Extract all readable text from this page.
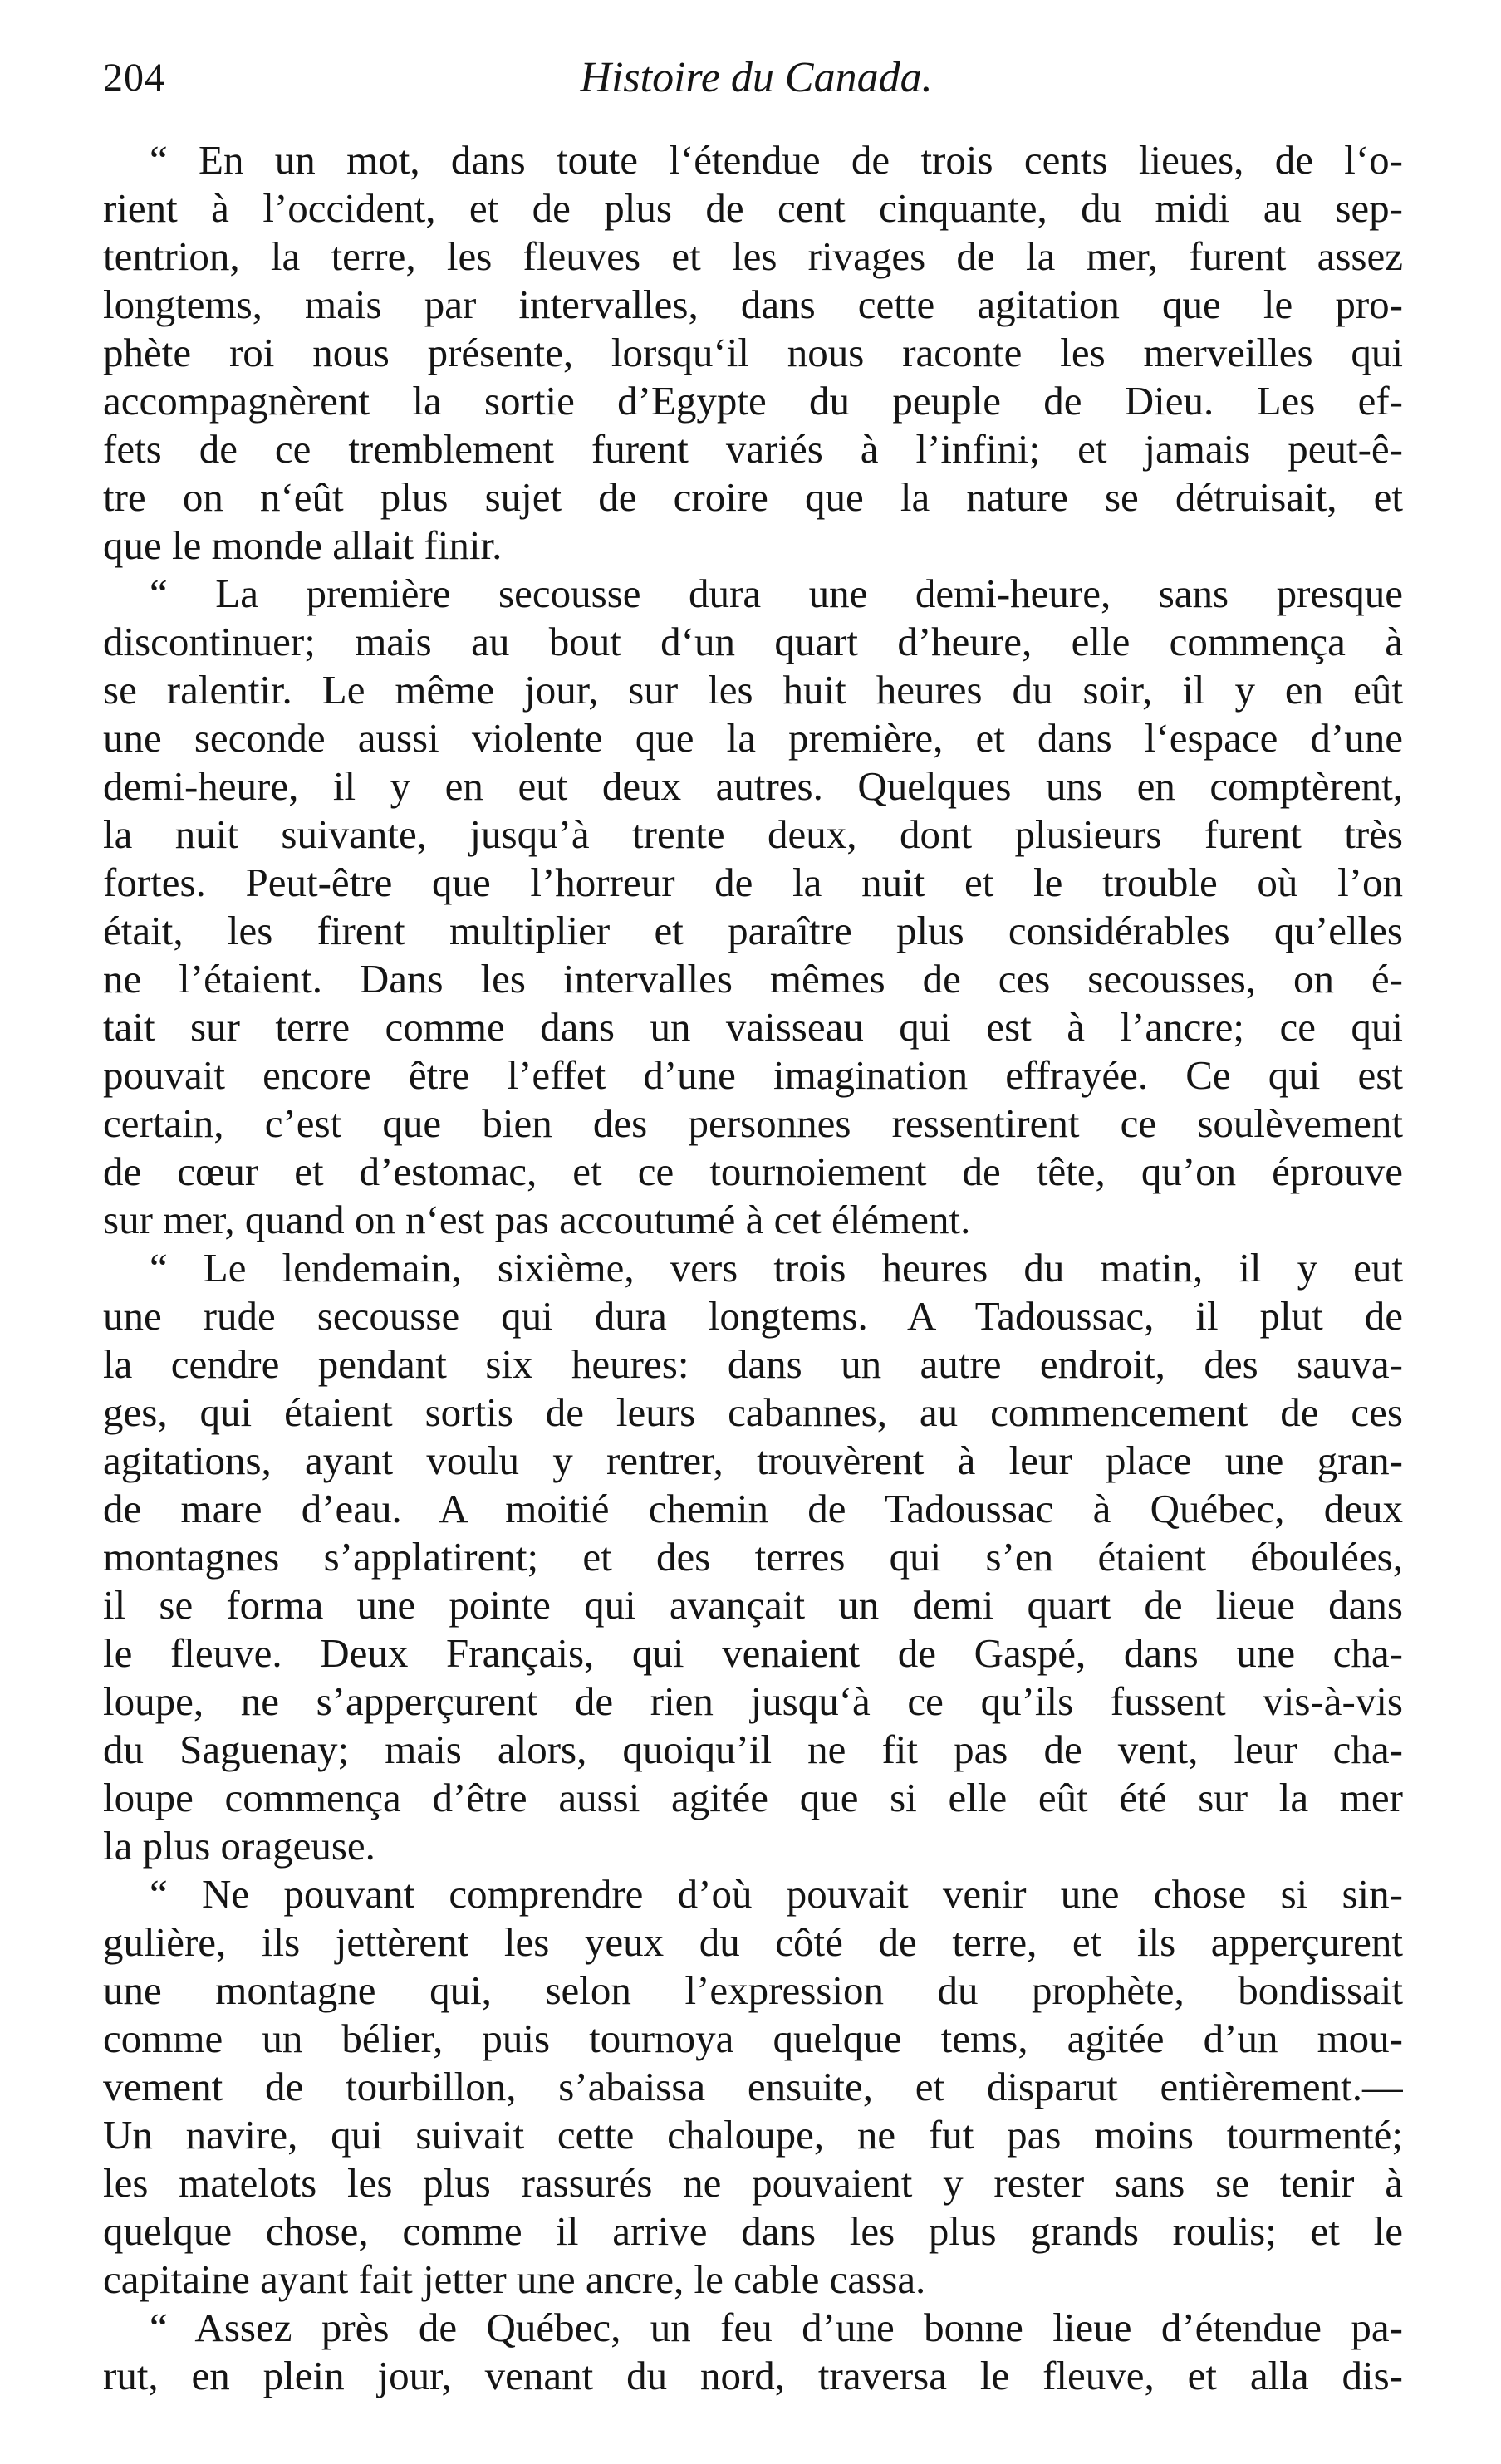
204	Histoire du Canada.
“ En un mot, dans toute l‘étendue de trois cents lieues, de l‘o-
rient à l’occident, et de plus de cent cinquante, du midi au sep-
tentrion, la terre, les fleuves et les rivages de la mer, furent assez
longtems, mais par intervalles, dans cette agitation que le pro-
phète roi nous présente, lorsqu‘il nous raconte les merveilles qui
accompagnèrent la sortie d’Egypte du peuple de Dieu. Les ef-
fets de ce tremblement furent variés à l’infini; et jamais peut-ê-
tre on n‘eût plus sujet de croire que la nature se détruisait, et
que le monde allait finir.
“ La première secousse dura une demi-heure, sans presque
discontinuer; mais au bout d‘un quart d’heure, elle commença à
se ralentir. Le même jour, sur les huit heures du soir, il y en eût
une seconde aussi violente que la première, et dans l‘espace d’une
demi-heure, il y en eut deux autres. Quelques uns en comptèrent,
la nuit suivante, jusqu’à trente deux, dont plusieurs furent très
fortes. Peut-être que l’horreur de la nuit et le trouble où l’on
était, les firent multiplier et paraître plus considérables qu’elles
ne l’étaient. Dans les intervalles mêmes de ces secousses, on é-
tait sur terre comme dans un vaisseau qui est à l’ancre; ce qui
pouvait encore être l’effet d’une imagination effrayée. Ce qui est
certain, c’est que bien des personnes ressentirent ce soulèvement
de cœur et d’estomac, et ce tournoiement de tête, qu’on éprouve
sur mer, quand on n‘est pas accoutumé à cet élément.
“ Le lendemain, sixième, vers trois heures du matin, il y eut
une rude secousse qui dura longtems. A Tadoussac, il plut de
la cendre pendant six heures: dans un autre endroit, des sauva-
ges, qui étaient sortis de leurs cabannes, au commencement de ces
agitations, ayant voulu y rentrer, trouvèrent à leur place une gran-
de mare d’eau. A moitié chemin de Tadoussac à Québec, deux
montagnes s’applatirent; et des terres qui s’en étaient éboulées,
il se forma une pointe qui avançait un demi quart de lieue dans
le fleuve. Deux Français, qui venaient de Gaspé, dans une cha-
loupe, ne s’apperçurent de rien jusqu‘à ce qu’ils fussent vis-à-vis
du Saguenay; mais alors, quoiqu’il ne fit pas de vent, leur cha-
loupe commença d’être aussi agitée que si elle eût été sur la mer
la plus orageuse.
“ Ne pouvant comprendre d’où pouvait venir une chose si sin-
gulière, ils jettèrent les yeux du côté de terre, et ils apperçurent
une montagne qui, selon l’expression du prophète, bondissait
comme un bélier, puis tournoya quelque tems, agitée d’un mou-
vement de tourbillon, s’abaissa ensuite, et disparut entièrement.—
Un navire, qui suivait cette chaloupe, ne fut pas moins tourmenté;
les matelots les plus rassurés ne pouvaient y rester sans se tenir à
quelque chose, comme il arrive dans les plus grands roulis; et le
capitaine ayant fait jetter une ancre, le cable cassa.
“ Assez près de Québec, un feu d’une bonne lieue d’étendue pa-
rut, en plein jour, venant du nord, traversa le fleuve, et alla dis-
